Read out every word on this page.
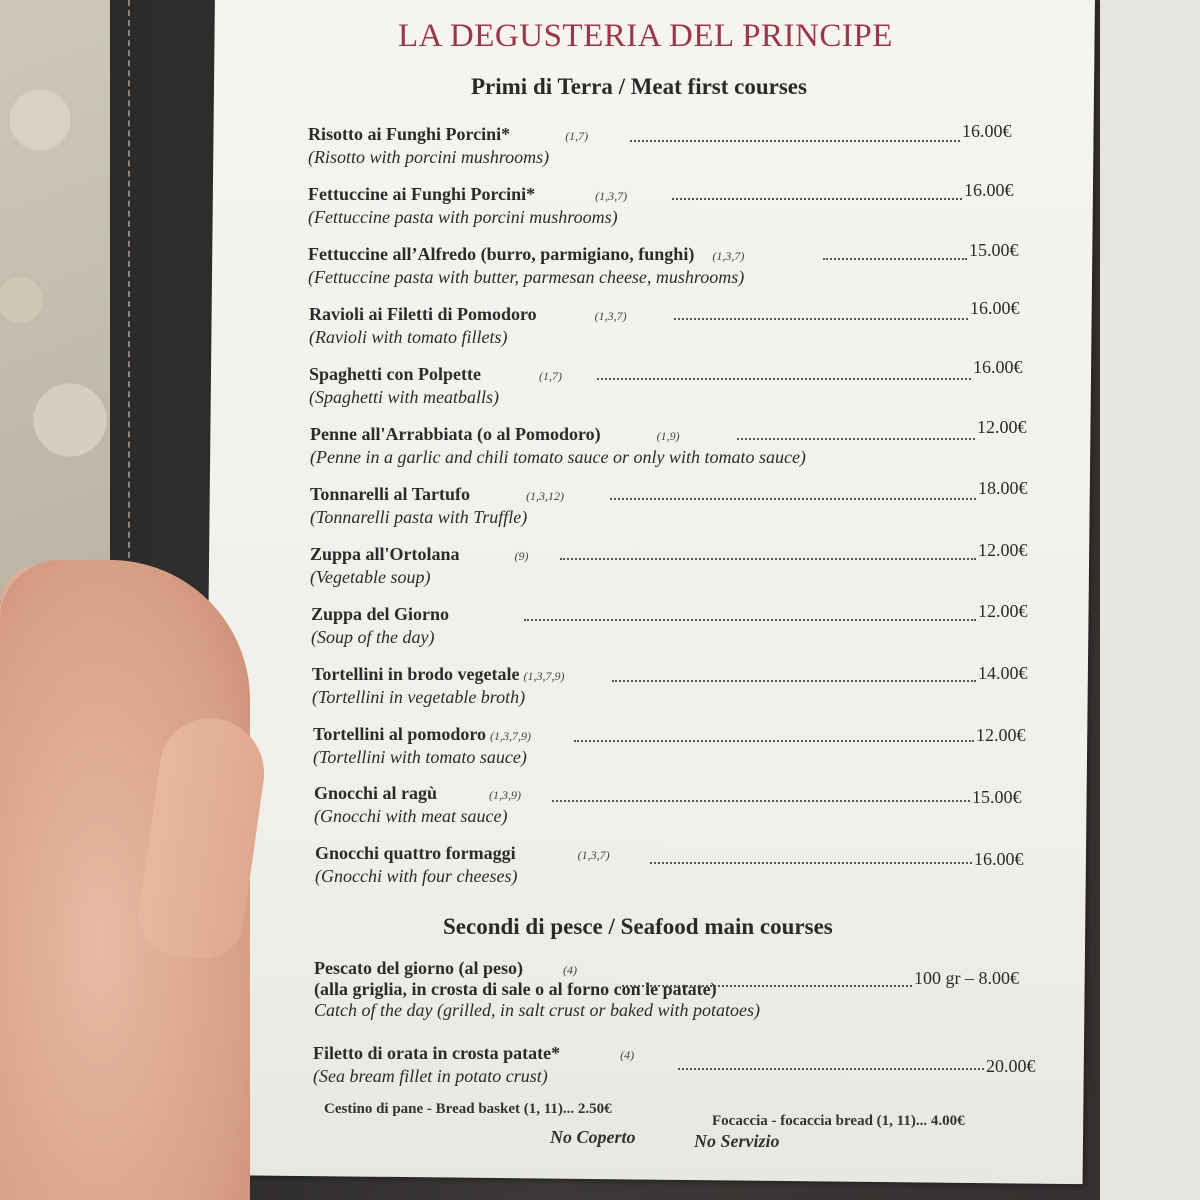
LA DEGUSTERIA DEL PRINCIPE
Primi di Terra / Meat first courses
Risotto ai Funghi Porcini*	(1,7)
(Risotto with porcini mushrooms)
16.00€
Fettuccine ai Funghi Porcini*	(1,3,7)
(Fettuccine pasta with porcini mushrooms)
16.00€
Fettuccine all’Alfredo (burro, parmigiano, funghi) (1,3,7)
(Fettuccine pasta with butter, parmesan cheese, mushrooms)
15.00€
Ravioli ai Filetti di Pomodoro	(1,3,7)
(Ravioli with tomato fillets)
16.00€
Spaghetti con Polpette	(1,7)
(Spaghetti with meatballs)
16.00€
Penne all'Arrabbiata (o al Pomodoro)	(1,9)
(Penne in a garlic and chili tomato sauce or only with tomato sauce)
12.00€
Tonnarelli al Tartufo	(1,3,12)
(Tonnarelli pasta with Truffle)
18.00€
Zuppa all'Ortolana	(9)
(Vegetable soup)
12.00€
Zuppa del Giorno
(Soup of the day)
12.00€
Tortellini in brodo vegetale (1,3,7,9)
(Tortellini in vegetable broth)
14.00€
Tortellini al pomodoro (1,3,7,9)
(Tortellini with tomato sauce)
12.00€
Gnocchi al ragù	(1,3,9)
(Gnocchi with meat sauce)
15.00€
Gnocchi quattro formaggi	(1,3,7)
(Gnocchi with four cheeses)
16.00€
Secondi di pesce / Seafood main courses
Pescato del giorno (al peso)	(4)
(alla griglia, in crosta di sale o al forno con le patate)
Catch of the day (grilled, in salt crust or baked with potatoes)
100 gr – 8.00€
Filetto di orata in crosta patate*	(4)
(Sea bream fillet in potato crust)	20.00€
Cestino di pane - Bread basket (1, 11)... 2.50€
Focaccia - focaccia bread (1, 11)... 4.00€
No Coperto	No Servizio
